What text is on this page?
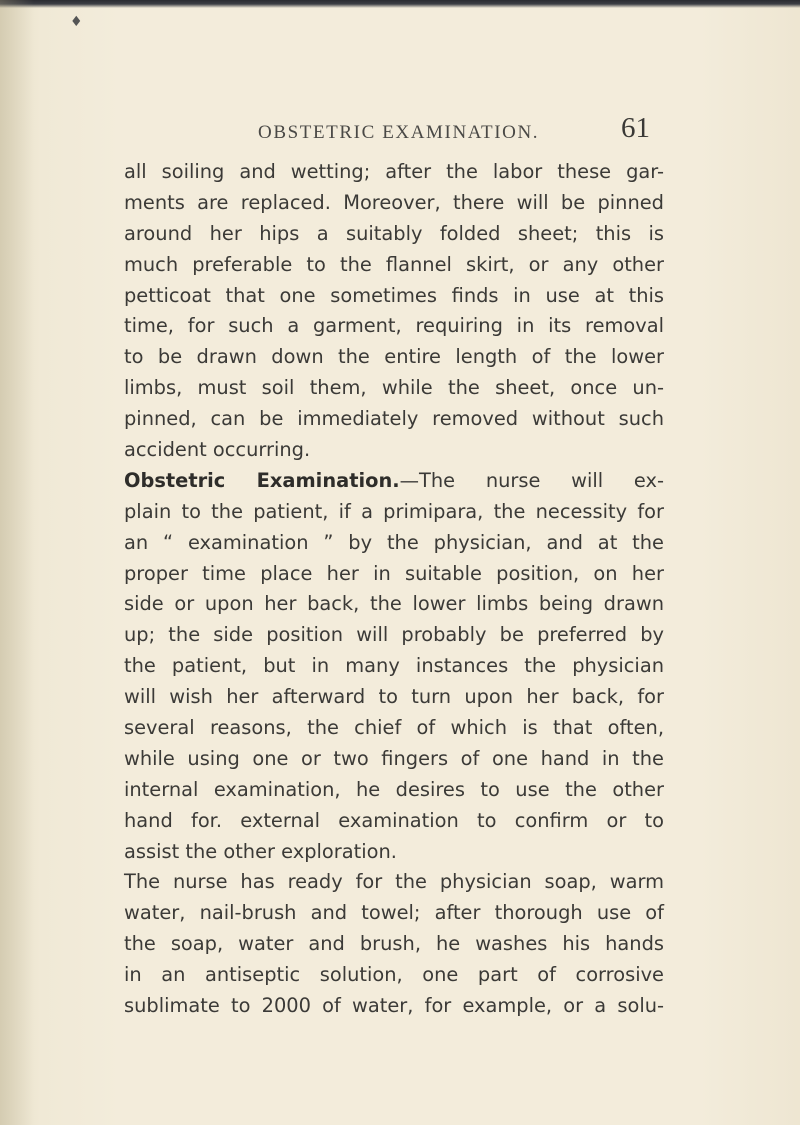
♦
OBSTETRIC EXAMINATION.	61
all soiling and wetting; after the labor these gar-
ments are replaced. Moreover, there will be pinned
around her hips a suitably folded sheet; this is
much preferable to the flannel skirt, or any other
petticoat that one sometimes finds in use at this
time, for such a garment, requiring in its removal
to be drawn down the entire length of the lower
limbs, must soil them, while the sheet, once un-
pinned, can be immediately removed without such
accident occurring.
Obstetric Examination.—The nurse will ex-
plain to the patient, if a primipara, the necessity for
an “ examination ” by the physician, and at the
proper time place her in suitable position, on her
side or upon her back, the lower limbs being drawn
up; the side position will probably be preferred by
the patient, but in many instances the physician
will wish her afterward to turn upon her back, for
several reasons, the chief of which is that often,
while using one or two fingers of one hand in the
internal examination, he desires to use the other
hand for. external examination to confirm or to
assist the other exploration.
The nurse has ready for the physician soap, warm
water, nail-brush and towel; after thorough use of
the soap, water and brush, he washes his hands
in an antiseptic solution, one part of corrosive
sublimate to 2000 of water, for example, or a solu-
